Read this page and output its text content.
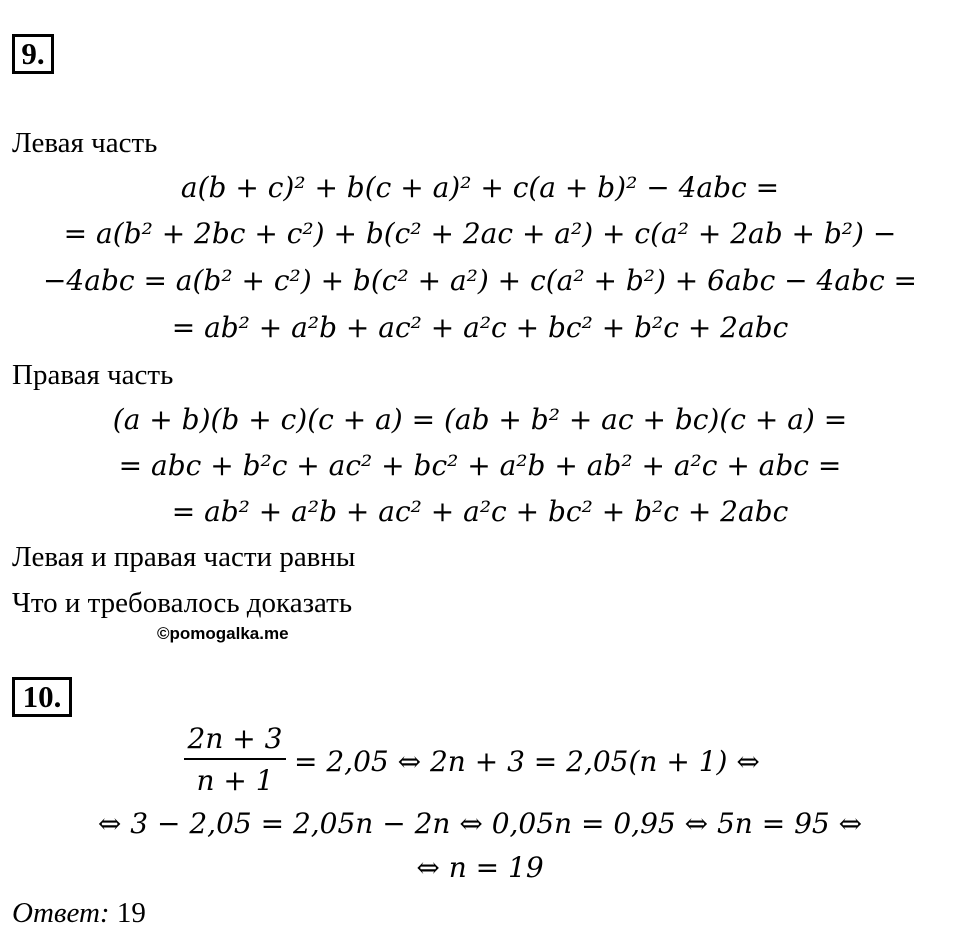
9.
Левая часть
a(b + c)² + b(c + a)² + c(a + b)² − 4abc =
= a(b² + 2bc + c²) + b(c² + 2ac + a²) + c(a² + 2ab + b²) −
−4abc = a(b² + c²) + b(c² + a²) + c(a² + b²) + 6abc − 4abc =
= ab² + a²b + ac² + a²c + bc² + b²c + 2abc
Правая часть
(a + b)(b + c)(c + a) = (ab + b² + ac + bc)(c + a) =
= abc + b²c + ac² + bc² + a²b + ab² + a²c + abc =
= ab² + a²b + ac² + a²c + bc² + b²c + 2abc
Левая и правая части равны
Что и требовалось доказать
©pomogalka.me
10.
2n + 3
n + 1
= 2,05 ⇔ 2n + 3 = 2,05(n + 1) ⇔
⇔ 3 − 2,05 = 2,05n − 2n ⇔ 0,05n = 0,95 ⇔ 5n = 95 ⇔
⇔ n = 19
Ответ: 19
